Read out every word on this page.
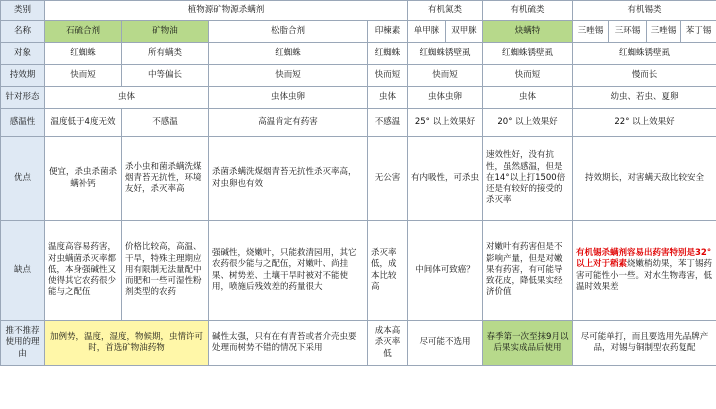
类别	植物源矿物源杀螨剂				有机氮类		有机硫类	有机锡类			
名称	石硫合剂	矿物油	松脂合剂	印楝素	单甲脒	双甲脒	炔螨特	三唑锡	三环锡	三唑锡	苯丁锡
对象	红蜘蛛	所有螨类	红蜘蛛	红蜘蛛	红蜘蛛锈壁虱		红蜘蛛锈壁虱	红蜘蛛锈壁虱			
持效期	快而短	中等偏长	快而短	快而短	快而短		快而短	慢而长			
针对形态	虫体		虫体虫卵	虫体	虫体虫卵		虫体	幼虫、若虫、夏卵			
感温性	温度低于4度无效	不感温	高温肯定有药害	不感温	25° 以上效果好		20° 以上效果好	22° 以上效果好			
优点	便宜，杀虫杀菌杀螨补钙	杀小虫和菌杀螨洗煤烟青苔无抗性，环境友好，杀灭率高	杀菌杀螨洗煤烟青苔无抗性杀灭率高，对虫卵也有效	无公害	有内吸性，可杀虫		速效性好，没有抗性，虽然感温，但是在14°以上打1500倍还是有较好的接受的杀灭率	持效期长，对害螨天敌比较安全			
缺点	温度高容易药害，对虫螨菌杀灭率都低，本身强碱性又使得其它农药很少能与之配伍	价格比较高，高温、干旱，特殊主理期应用有限制无法量配中而肥和一些可湿性粉剂类型的农药	强碱性，烧嫩叶，只能救清园用，其它农药很少能与之配伍，对嫩叶、尚挂果、树势差、土壤干旱时被对不能使用，喷施后残效差的药量很大	杀灭率低，成本比较高	中间体可致癌？		对嫩叶有药害但是不影响产量，但是对嫩果有药害，有可能导致花皮，降低果实经济价值	有机锡杀螨剂容易出药害特别是32°以上对于稻素烧嫩梢幼果，苯丁锡药害可能性小一些。对水生物毒害，低温时效果差			
推不推荐使用的理由	加例势，温度，湿度，物候期，虫情许可时，首选矿物油药物		碱性太强，只有在有青苔或者介壳虫要处理而树势不错的情况下采用	成本高杀灭率低	尽可能不选用		春季第一次至抹9月以后果实成品后使用	尽可能单打，而且要选用先品牌产品，对锡与铜制型农药复配			
